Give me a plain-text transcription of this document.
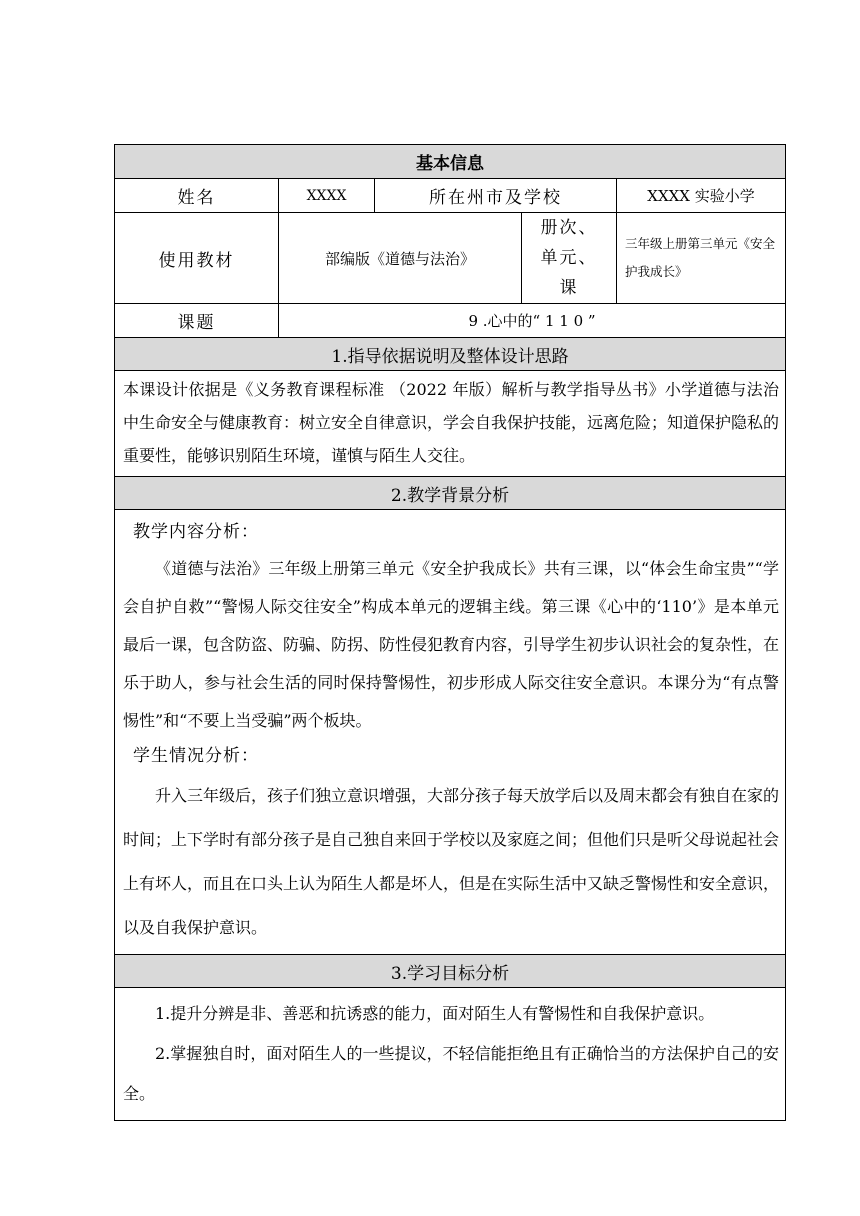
基本信息				
姓名	XXXX	所在州市及学校		XXXX 实验小学
使用教材	部编版《道德与法治》		册次、单元、课	三年级上册第三单元《安全护我成长》
课题	9 .心中的“ 1 1 0 ”			
1.指导依据说明及整体设计思路				
本课设计依据是《义务教育课程标准 （2022 年版）解析与教学指导丛书》小学道德与法治中生命安全与健康教育：树立安全自律意识，学会自我保护技能，远离危险；知道保护隐私的重要性，能够识别陌生环境，谨慎与陌生人交往。				
2.教学背景分析				

教学内容分析：

《道德与法治》三年级上册第三单元《安全护我成长》共有三课，以“体会生命宝贵”“学会自护自救”“警惕人际交往安全”构成本单元的逻辑主线。第三课《心中的‘110’》是本单元最后一课，包含防盗、防骗、防拐、防性侵犯教育内容，引导学生初步认识社会的复杂性，在乐于助人，参与社会生活的同时保持警惕性，初步形成人际交往安全意识。本课分为“有点警惕性”和“不要上当受骗”两个板块。

学生情况分析：

升入三年级后，孩子们独立意识增强，大部分孩子每天放学后以及周末都会有独自在家的时间；上下学时有部分孩子是自己独自来回于学校以及家庭之间；但他们只是听父母说起社会上有坏人，而且在口头上认为陌生人都是坏人，但是在实际生活中又缺乏警惕性和安全意识，以及自我保护意识。				

3.学习目标分析				

1.提升分辨是非、善恶和抗诱惑的能力，面对陌生人有警惕性和自我保护意识。

2.掌握独自时，面对陌生人的一些提议，不轻信能拒绝且有正确恰当的方法保护自己的安全。				
